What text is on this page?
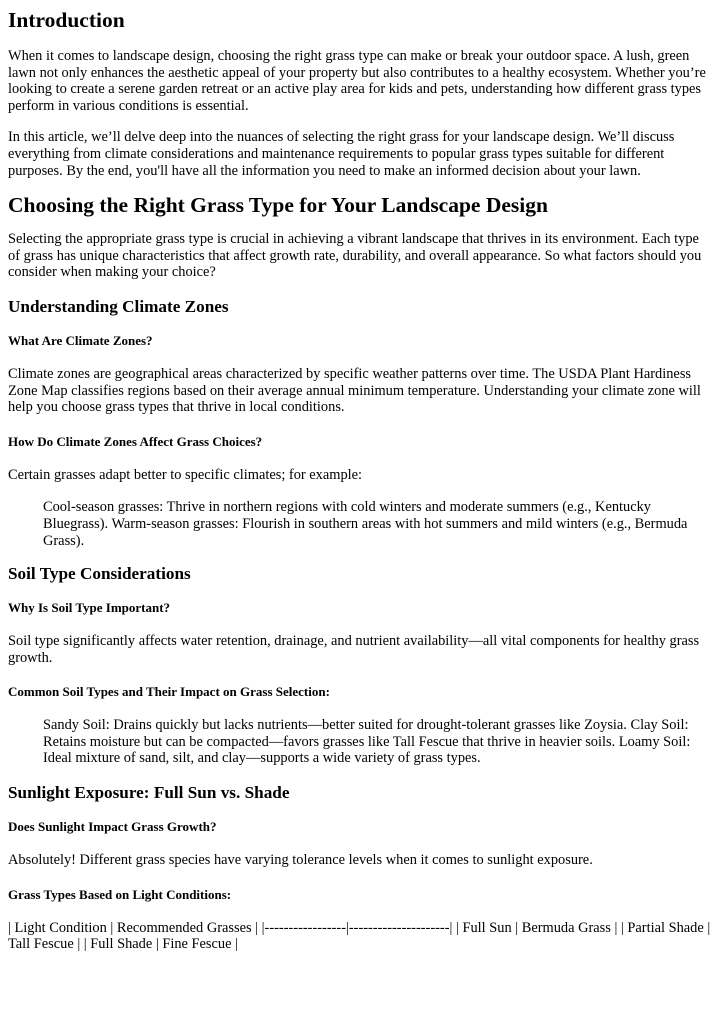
Introduction

When it comes to landscape design, choosing the right grass type can make or break your outdoor space. A lush, green lawn not only enhances the aesthetic appeal of your property but also contributes to a healthy ecosystem. Whether you’re looking to create a serene garden retreat or an active play area for kids and pets, understanding how different grass types perform in various conditions is essential.

In this article, we’ll delve deep into the nuances of selecting the right grass for your landscape design. We’ll discuss everything from climate considerations and maintenance requirements to popular grass types suitable for different purposes. By the end, you'll have all the information you need to make an informed decision about your lawn.

Choosing the Right Grass Type for Your Landscape Design

Selecting the appropriate grass type is crucial in achieving a vibrant landscape that thrives in its environment. Each type of grass has unique characteristics that affect growth rate, durability, and overall appearance. So what factors should you consider when making your choice?

Understanding Climate Zones
What Are Climate Zones?

Climate zones are geographical areas characterized by specific weather patterns over time. The USDA Plant Hardiness Zone Map classifies regions based on their average annual minimum temperature. Understanding your climate zone will help you choose grass types that thrive in local conditions.

How Do Climate Zones Affect Grass Choices?

Certain grasses adapt better to specific climates; for example:

Cool-season grasses: Thrive in northern regions with cold winters and moderate summers (e.g., Kentucky Bluegrass). Warm-season grasses: Flourish in southern areas with hot summers and mild winters (e.g., Bermuda Grass).

Soil Type Considerations
Why Is Soil Type Important?

Soil type significantly affects water retention, drainage, and nutrient availability—all vital components for healthy grass growth.

Common Soil Types and Their Impact on Grass Selection:

Sandy Soil: Drains quickly but lacks nutrients—better suited for drought-tolerant grasses like Zoysia. Clay Soil: Retains moisture but can be compacted—favors grasses like Tall Fescue that thrive in heavier soils. Loamy Soil: Ideal mixture of sand, silt, and clay—supports a wide variety of grass types.

Sunlight Exposure: Full Sun vs. Shade
Does Sunlight Impact Grass Growth?

Absolutely! Different grass species have varying tolerance levels when it comes to sunlight exposure.

Grass Types Based on Light Conditions:

| Light Condition | Recommended Grasses | |-----------------|---------------------| | Full Sun | Bermuda Grass | | Partial Shade | Tall Fescue | | Full Shade | Fine Fescue |
